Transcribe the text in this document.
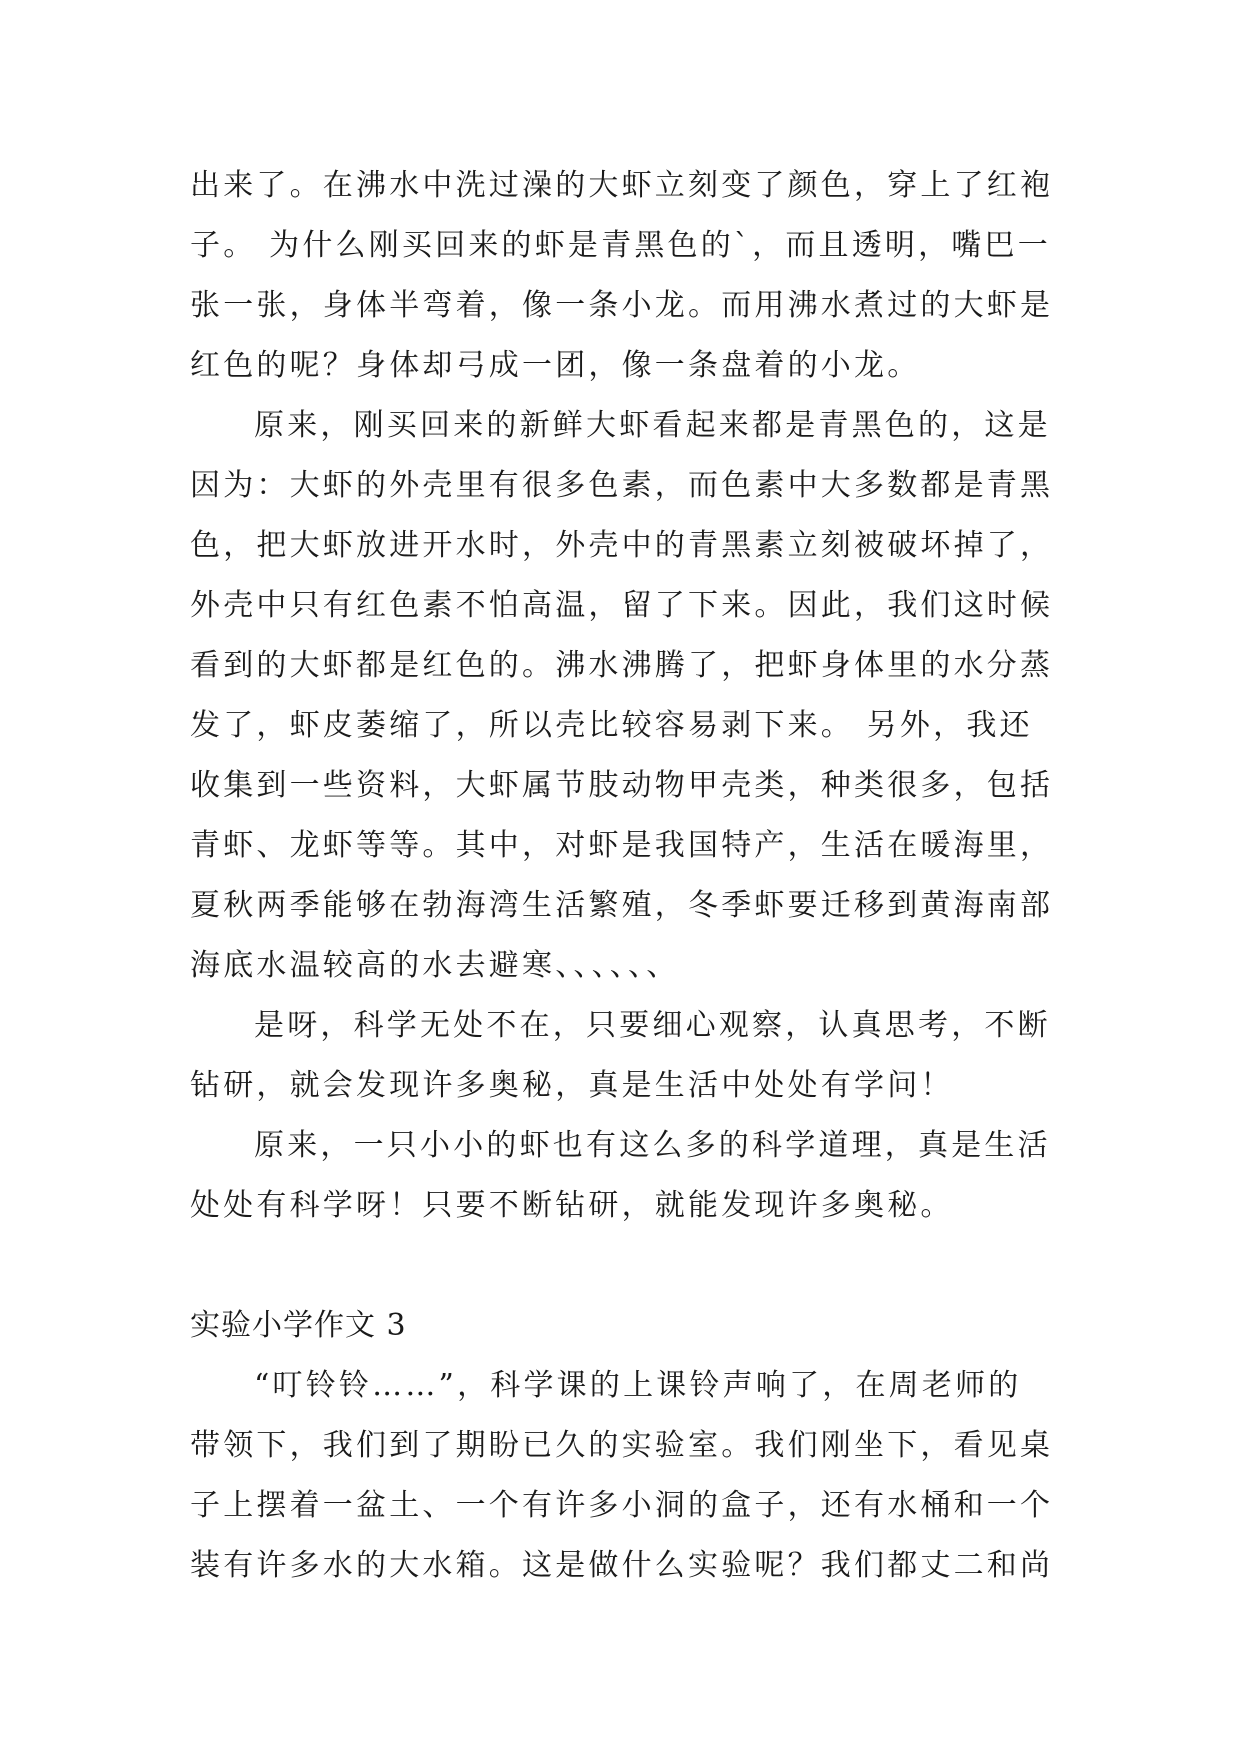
出来了。在沸水中洗过澡的大虾立刻变了颜色，穿上了红袍
子。 为什么刚买回来的虾是青黑色的`，而且透明，嘴巴一
张一张，身体半弯着，像一条小龙。而用沸水煮过的大虾是
红色的呢？身体却弓成一团，像一条盘着的小龙。
原来，刚买回来的新鲜大虾看起来都是青黑色的，这是
因为：大虾的外壳里有很多色素，而色素中大多数都是青黑
色，把大虾放进开水时，外壳中的青黑素立刻被破坏掉了，
外壳中只有红色素不怕高温，留了下来。因此，我们这时候
看到的大虾都是红色的。沸水沸腾了，把虾身体里的水分蒸
发了，虾皮萎缩了，所以壳比较容易剥下来。 另外，我还
收集到一些资料，大虾属节肢动物甲壳类，种类很多，包括
青虾、龙虾等等。其中，对虾是我国特产，生活在暖海里，
夏秋两季能够在勃海湾生活繁殖，冬季虾要迁移到黄海南部
海底水温较高的水去避寒、、、、、、
是呀，科学无处不在，只要细心观察，认真思考，不断
钻研，就会发现许多奥秘，真是生活中处处有学问！
原来，一只小小的虾也有这么多的科学道理，真是生活
处处有科学呀！只要不断钻研，就能发现许多奥秘。
实验小学作文 3
“叮铃铃……”，科学课的上课铃声响了，在周老师的
带领下，我们到了期盼已久的实验室。我们刚坐下，看见桌
子上摆着一盆土、一个有许多小洞的盒子，还有水桶和一个
装有许多水的大水箱。这是做什么实验呢？我们都丈二和尚
